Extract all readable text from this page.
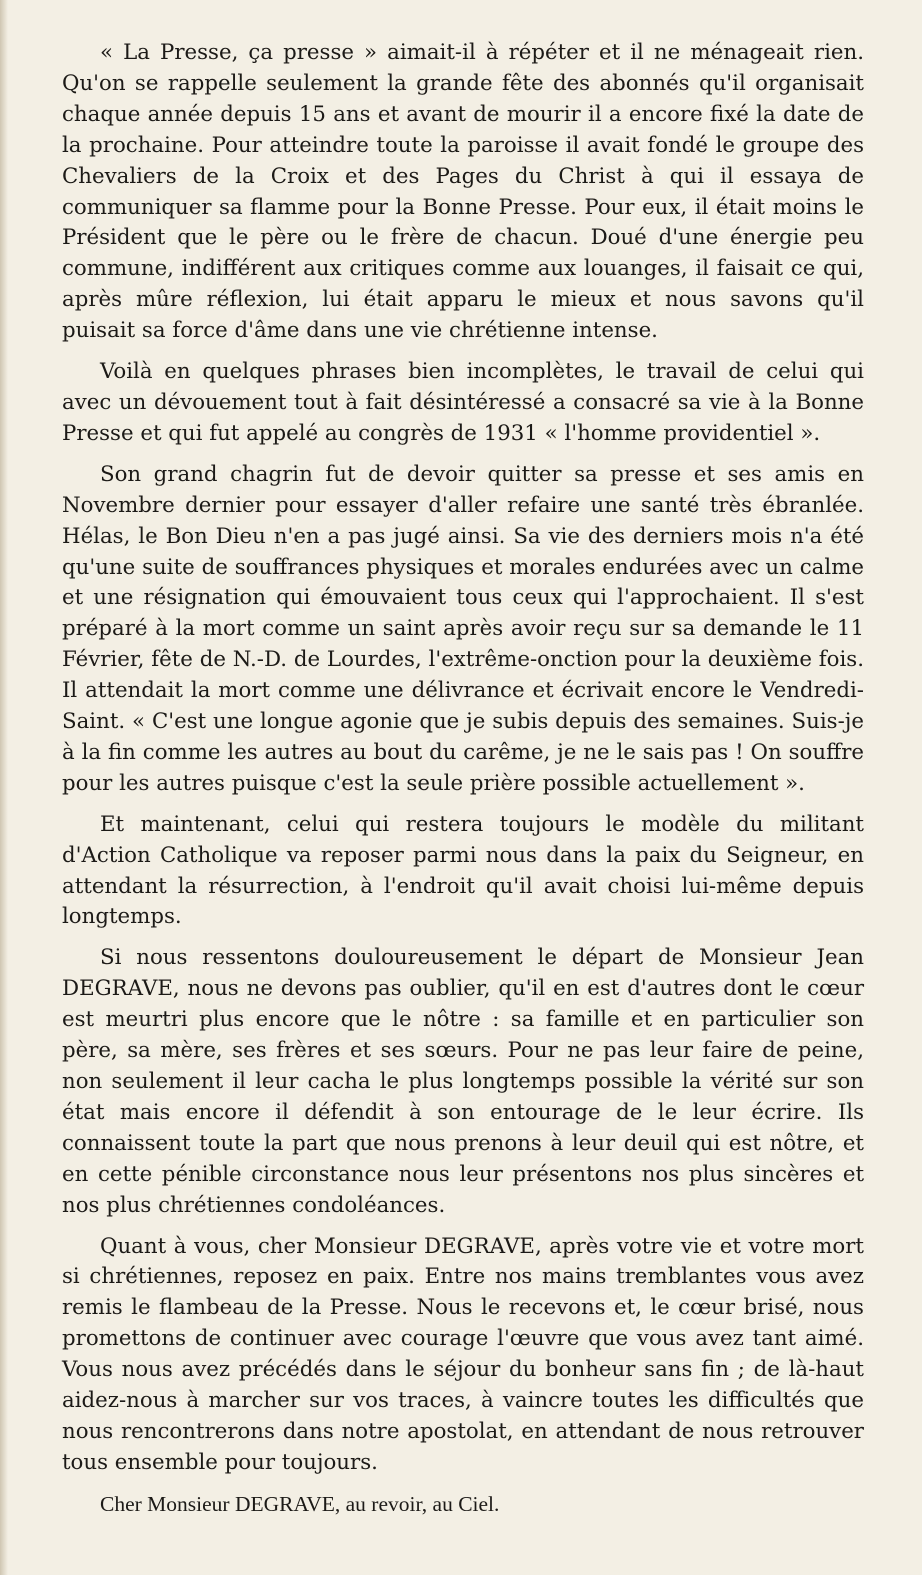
« La Presse, ça presse » aimait-il à répéter et il ne ménageait rien. Qu'on se rappelle seulement la grande fête des abonnés qu'il organisait chaque année depuis 15 ans et avant de mourir il a encore fixé la date de la prochaine. Pour atteindre toute la paroisse il avait fondé le groupe des Chevaliers de la Croix et des Pages du Christ à qui il essaya de communiquer sa flamme pour la Bonne Presse. Pour eux, il était moins le Président que le père ou le frère de chacun. Doué d'une énergie peu commune, indifférent aux critiques comme aux louanges, il faisait ce qui, après mûre réflexion, lui était apparu le mieux et nous savons qu'il puisait sa force d'âme dans une vie chrétienne intense.

Voilà en quelques phrases bien incomplètes, le travail de celui qui avec un dévouement tout à fait désintéressé a consacré sa vie à la Bonne Presse et qui fut appelé au congrès de 1931 « l'homme providentiel ».

Son grand chagrin fut de devoir quitter sa presse et ses amis en Novembre dernier pour essayer d'aller refaire une santé très ébranlée. Hélas, le Bon Dieu n'en a pas jugé ainsi. Sa vie des derniers mois n'a été qu'une suite de souffrances physiques et morales endurées avec un calme et une résignation qui émouvaient tous ceux qui l'approchaient. Il s'est préparé à la mort comme un saint après avoir reçu sur sa demande le 11 Février, fête de N.-D. de Lourdes, l'extrême-onction pour la deuxième fois. Il attendait la mort comme une délivrance et écrivait encore le Vendredi-Saint. « C'est une longue agonie que je subis depuis des semaines. Suis-je à la fin comme les autres au bout du carême, je ne le sais pas ! On souffre pour les autres puisque c'est la seule prière possible actuellement ».

Et maintenant, celui qui restera toujours le modèle du militant d'Action Catholique va reposer parmi nous dans la paix du Seigneur, en attendant la résurrection, à l'endroit qu'il avait choisi lui-même depuis longtemps.

Si nous ressentons douloureusement le départ de Monsieur Jean DEGRAVE, nous ne devons pas oublier, qu'il en est d'autres dont le cœur est meurtri plus encore que le nôtre : sa famille et en particulier son père, sa mère, ses frères et ses sœurs. Pour ne pas leur faire de peine, non seulement il leur cacha le plus longtemps possible la vérité sur son état mais encore il défendit à son entourage de le leur écrire. Ils connaissent toute la part que nous prenons à leur deuil qui est nôtre, et en cette pénible circonstance nous leur présentons nos plus sincères et nos plus chrétiennes condoléances.

Quant à vous, cher Monsieur DEGRAVE, après votre vie et votre mort si chrétiennes, reposez en paix. Entre nos mains tremblantes vous avez remis le flambeau de la Presse. Nous le recevons et, le cœur brisé, nous promettons de continuer avec courage l'œuvre que vous avez tant aimé. Vous nous avez précédés dans le séjour du bonheur sans fin ; de là-haut aidez-nous à marcher sur vos traces, à vaincre toutes les difficultés que nous rencontrerons dans notre apostolat, en attendant de nous retrouver tous ensemble pour toujours.

Cher Monsieur DEGRAVE, au revoir, au Ciel.
